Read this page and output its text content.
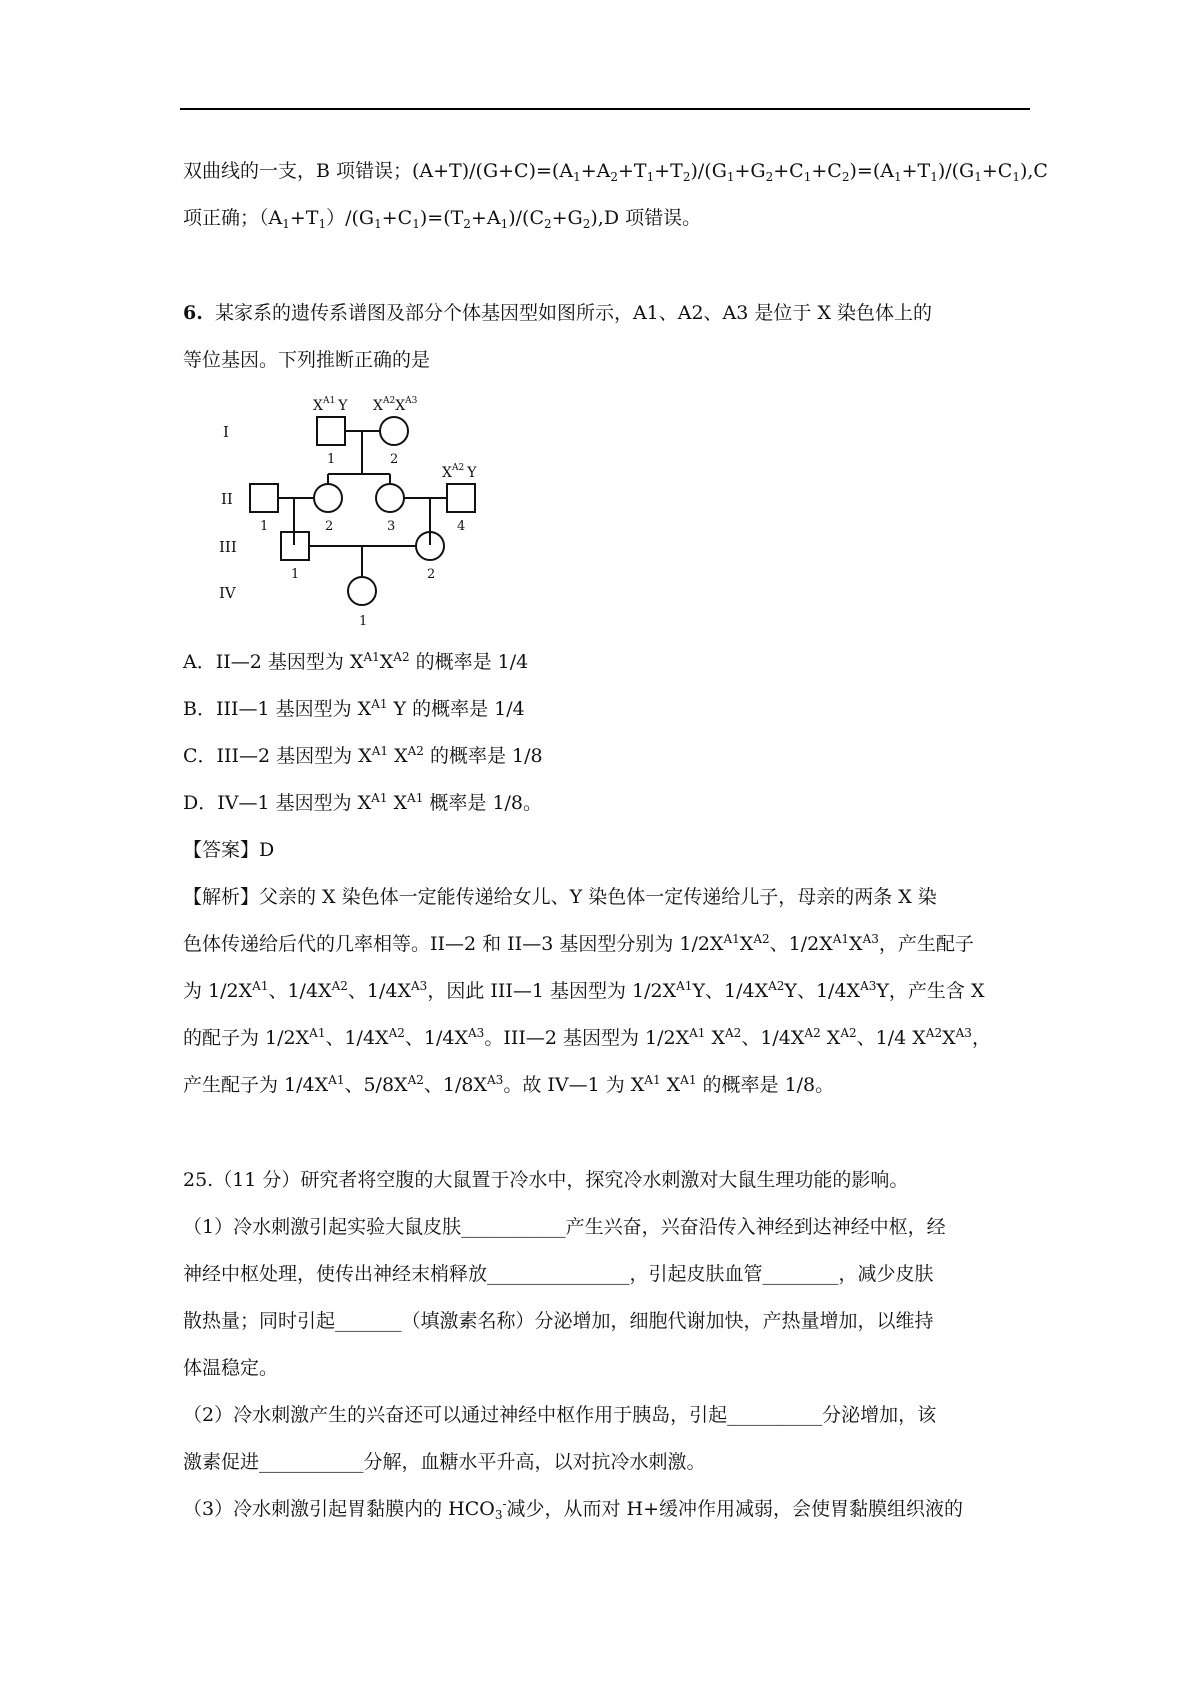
双曲线的一支，B 项错误；$(A+T)/(G+C)=(A_1+A_2+T_1+T_2)/(G_1+G_2+C_1+C_2)=(A_1+T_1)/(G_1+C_1),C$
项正确；$(A_1+T_1)/(G_1+C_1)=(T_2+A_1)/(C_2+G_2),D$ 项错误。
6. 某家系的遗传系谱图及部分个体基因型如图所示，A1、A2、A3 是位于 X 染色体上的
等位基因。下列推断正确的是
I
II
III
IV
$X^{A1}$ Y $X^{A2}X^{A3}$
$X^{A2}$ Y
1	2
1	2	3	4
1	2
1
A．II—2 基因型为 $X^{A1}X^{A2}$ 的概率是 1/4
B．III—1 基因型为 $X^{A1}$ Y 的概率是 1/4
C．III—2 基因型为 $X^{A1}$ $X^{A2}$ 的概率是 1/8
D．IV—1 基因型为 $X^{A1}$ $X^{A1}$ 概率是 1/8。
【答案】D
【解析】父亲的 X 染色体一定能传递给女儿、Y 染色体一定传递给儿子，母亲的两条 X 染
色体传递给后代的几率相等。II—2 和 II—3 基因型分别为 $1/2X^{A1}X^{A2}$、$1/2X^{A1}X^{A3}$，产生配子
为 $1/2X^{A1}$、$1/4X^{A2}$、$1/4X^{A3}$，因此 III—1 基因型为 $1/2X^{A1}Y$、$1/4X^{A2}Y$、$1/4X^{A3}Y$，产生含 X
的配子为 $1/2X^{A1}$、$1/4X^{A2}$、$1/4X^{A3}$。III—2 基因型为 $1/2X^{A1}$ $X^{A2}$、$1/4X^{A2}$ $X^{A2}$、1/4 $X^{A2}X^{A3}$，
产生配子为 $1/4X^{A1}$、$5/8X^{A2}$、$1/8X^{A3}$。故 IV—1 为 $X^{A1}$ $X^{A1}$ 的概率是 1/8。
25.（11 分）研究者将空腹的大鼠置于冷水中，探究冷水刺激对大鼠生理功能的影响。
（1）冷水刺激引起实验大鼠皮肤___________产生兴奋，兴奋沿传入神经到达神经中枢，经
神经中枢处理，使传出神经末梢释放_______________，引起皮肤血管________，减少皮肤
散热量；同时引起_______（填激素名称）分泌增加，细胞代谢加快，产热量增加，以维持
体温稳定。
（2）冷水刺激产生的兴奋还可以通过神经中枢作用于胰岛，引起__________分泌增加，该
激素促进___________分解，血糖水平升高，以对抗冷水刺激。
（3）冷水刺激引起胃黏膜内的 $HCO_3^-$减少，从而对 H+缓冲作用减弱，会使胃黏膜组织液的
